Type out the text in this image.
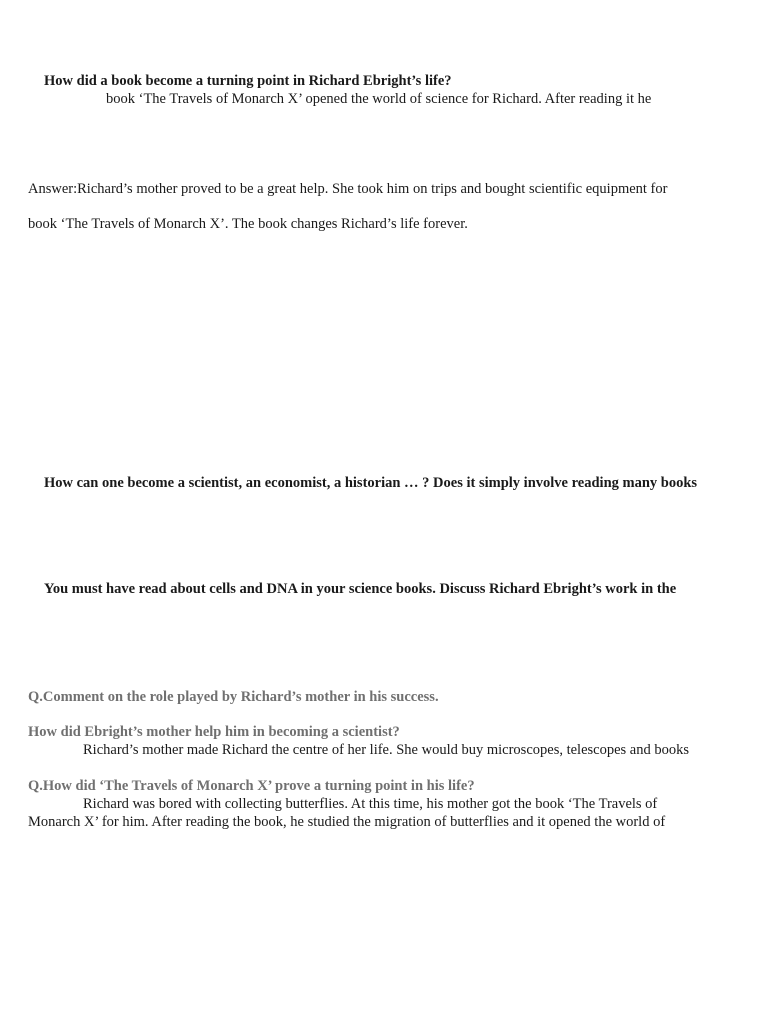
How did a book become a turning point in Richard Ebright’s life?
book ‘The Travels of Monarch X’ opened the world of science for Richard. After reading it he
Answer:Richard’s mother proved to be a great help. She took him on trips and bought scientific equipment for
book ‘The Travels of Monarch X’. The book changes Richard’s life forever.
How can one become a scientist, an economist, a historian … ? Does it simply involve reading many books
You must have read about cells and DNA in your science books. Discuss Richard Ebright’s work in the
Q.Comment on the role played by Richard’s mother in his success.
How did Ebright’s mother help him in becoming a scientist?
Richard’s mother made Richard the centre of her life. She would buy microscopes, telescopes and books
Q.How did ‘The Travels of Monarch X’ prove a turning point in his life?
Richard was bored with collecting butterflies. At this time, his mother got the book ‘The Travels of
Monarch X’ for him. After reading the book, he studied the migration of butterflies and it opened the world of
